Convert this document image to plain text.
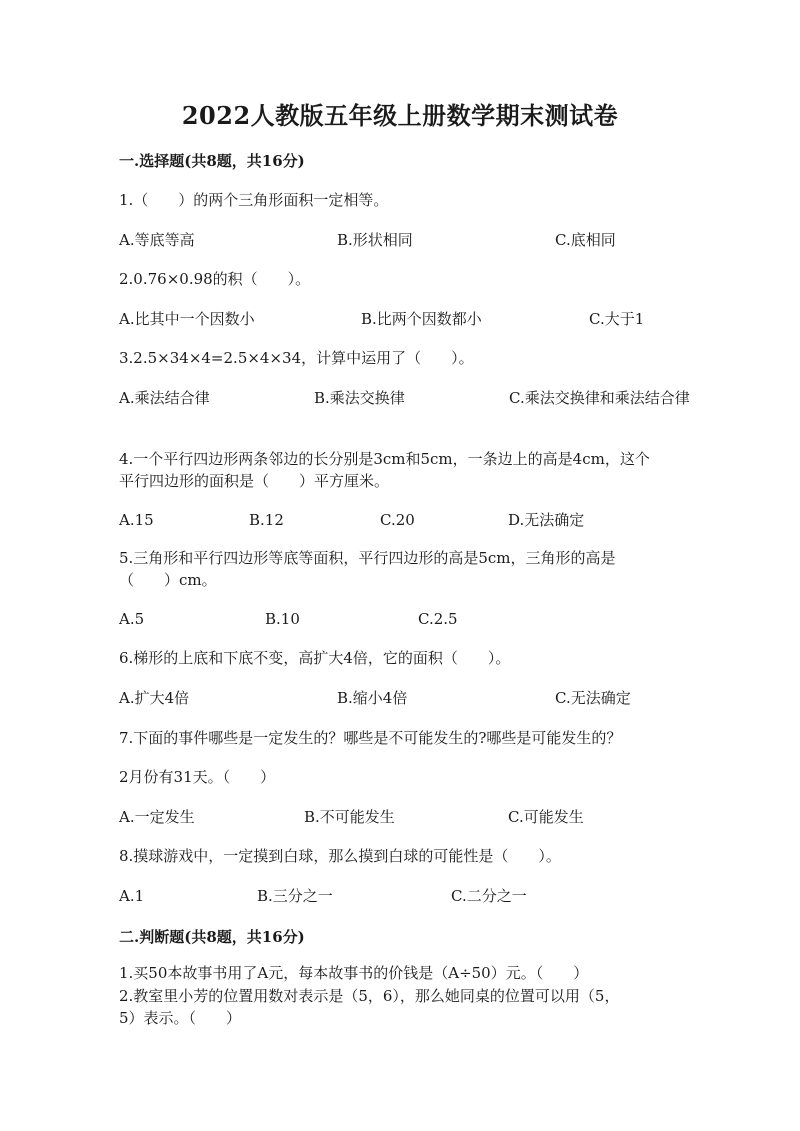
2022人教版五年级上册数学期末测试卷
一.选择题(共8题，共16分)
1.（　　）的两个三角形面积一定相等。
A.等底等高	B.形状相同	C.底相同
2.0.76×0.98的积（　　）。
A.比其中一个因数小	B.比两个因数都小	C.大于1
3.2.5×34×4=2.5×4×34，计算中运用了（　　）。
A.乘法结合律	B.乘法交换律	C.乘法交换律和乘法结合律
4.一个平行四边形两条邻边的长分别是3cm和5cm，一条边上的高是4cm，这个
平行四边形的面积是（　　）平方厘米。
A.15	B.12	C.20	D.无法确定
5.三角形和平行四边形等底等面积，平行四边形的高是5cm，三角形的高是
（　　）cm。
A.5	B.10	C.2.5
6.梯形的上底和下底不变，高扩大4倍，它的面积（　　）。
A.扩大4倍	B.缩小4倍	C.无法确定
7.下面的事件哪些是一定发生的？哪些是不可能发生的?哪些是可能发生的？
2月份有31天。（　　）
A.一定发生	B.不可能发生	C.可能发生
8.摸球游戏中，一定摸到白球，那么摸到白球的可能性是（　　）。
A.1	B.三分之一	C.二分之一
二.判断题(共8题，共16分)
1.买50本故事书用了A元，每本故事书的价钱是（A÷50）元。（　　）
2.教室里小芳的位置用数对表示是（5，6），那么她同桌的位置可以用（5，
5）表示。（　　）
